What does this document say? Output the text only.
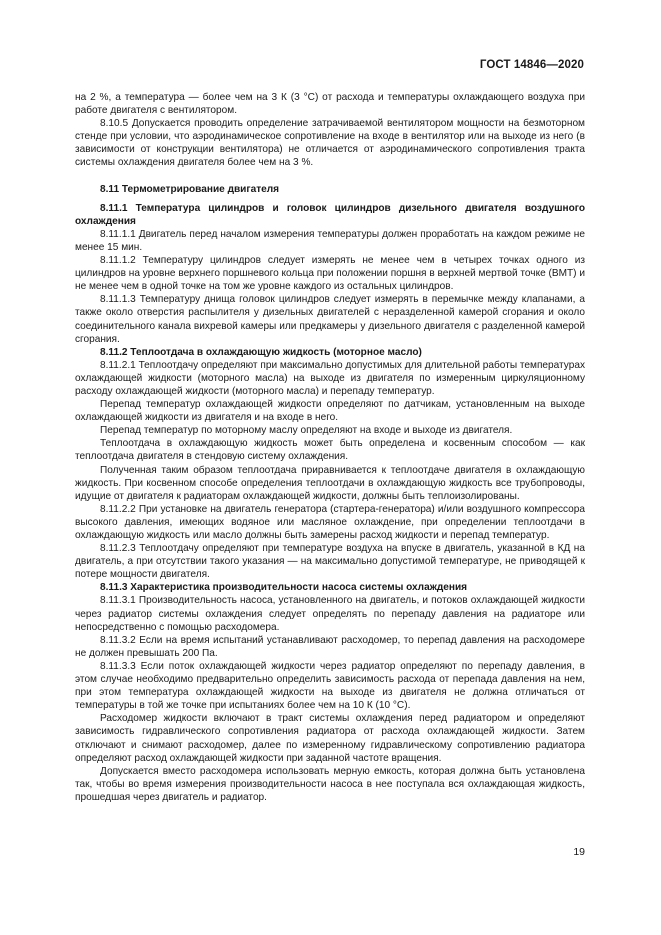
ГОСТ 14846—2020

на 2 %, а температура — более чем на 3 К (3 °С) от расхода и температуры охлаждающего воздуха при работе двигателя с вентилятором.

8.10.5 Допускается проводить определение затрачиваемой вентилятором мощности на безмоторном стенде при условии, что аэродинамическое сопротивление на входе в вентилятор или на выходе из него (в зависимости от конструкции вентилятора) не отличается от аэродинамического сопротивления тракта системы охлаждения двигателя более чем на 3 %.

8.11 Термометрирование двигателя

8.11.1 Температура цилиндров и головок цилиндров дизельного двигателя воздушного охлаждения

8.11.1.1 Двигатель перед началом измерения температуры должен проработать на каждом режиме не менее 15 мин.

8.11.1.2 Температуру цилиндров следует измерять не менее чем в четырех точках одного из цилиндров на уровне верхнего поршневого кольца при положении поршня в верхней мертвой точке (ВМТ) и не менее чем в одной точке на том же уровне каждого из остальных цилиндров.

8.11.1.3 Температуру днища головок цилиндров следует измерять в перемычке между клапанами, а также около отверстия распылителя у дизельных двигателей с неразделенной камерой сгорания и около соединительного канала вихревой камеры или предкамеры у дизельного двигателя с разделенной камерой сгорания.

8.11.2 Теплоотдача в охлаждающую жидкость (моторное масло)

8.11.2.1 Теплоотдачу определяют при максимально допустимых для длительной работы температурах охлаждающей жидкости (моторного масла) на выходе из двигателя по измеренным циркуляционному расходу охлаждающей жидкости (моторного масла) и перепаду температур.

Перепад температур охлаждающей жидкости определяют по датчикам, установленным на выходе охлаждающей жидкости из двигателя и на входе в него.

Перепад температур по моторному маслу определяют на входе и выходе из двигателя.

Теплоотдача в охлаждающую жидкость может быть определена и косвенным способом — как теплоотдача двигателя в стендовую систему охлаждения.

Полученная таким образом теплоотдача приравнивается к теплоотдаче двигателя в охлаждающую жидкость. При косвенном способе определения теплоотдачи в охлаждающую жидкость все трубопроводы, идущие от двигателя к радиаторам охлаждающей жидкости, должны быть теплоизолированы.

8.11.2.2 При установке на двигатель генератора (стартера-генератора) и/или воздушного компрессора высокого давления, имеющих водяное или масляное охлаждение, при определении теплоотдачи в охлаждающую жидкость или масло должны быть замерены расход жидкости и перепад температур.

8.11.2.3 Теплоотдачу определяют при температуре воздуха на впуске в двигатель, указанной в КД на двигатель, а при отсутствии такого указания — на максимально допустимой температуре, не приводящей к потере мощности двигателя.

8.11.3 Характеристика производительности насоса системы охлаждения

8.11.3.1 Производительность насоса, установленного на двигатель, и потоков охлаждающей жидкости через радиатор системы охлаждения следует определять по перепаду давления на радиаторе или непосредственно с помощью расходомера.

8.11.3.2 Если на время испытаний устанавливают расходомер, то перепад давления на расходомере не должен превышать 200 Па.

8.11.3.3 Если поток охлаждающей жидкости через радиатор определяют по перепаду давления, в этом случае необходимо предварительно определить зависимость расхода от перепада давления на нем, при этом температура охлаждающей жидкости на выходе из двигателя не должна отличаться от температуры в той же точке при испытаниях более чем на 10 К (10 °С).

Расходомер жидкости включают в тракт системы охлаждения перед радиатором и определяют зависимость гидравлического сопротивления радиатора от расхода охлаждающей жидкости. Затем отключают и снимают расходомер, далее по измеренному гидравлическому сопротивлению радиатора определяют расход охлаждающей жидкости при заданной частоте вращения.

Допускается вместо расходомера использовать мерную емкость, которая должна быть установлена так, чтобы во время измерения производительности насоса в нее поступала вся охлаждающая жидкость, прошедшая через двигатель и радиатор.

19
